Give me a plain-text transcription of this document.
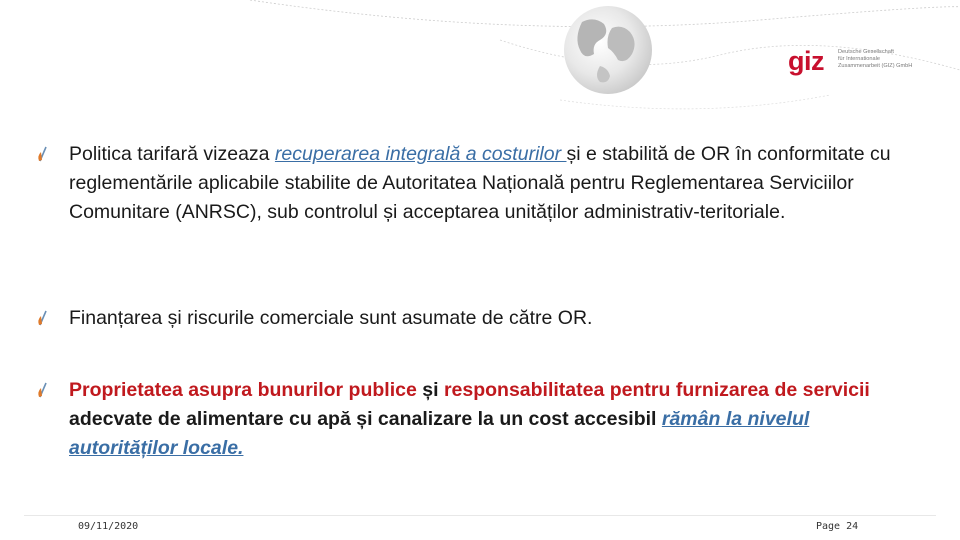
giz	Deutsche Gesellschaft
für Internationale
Zusammenarbeit (GIZ) GmbH
Politica tarifară vizeaza recuperarea integrală a costurilor și e stabilită de OR în conformitate cu reglementările aplicabile stabilite de Autoritatea Națională pentru Reglementarea Serviciilor Comunitare (ANRSC), sub controlul și acceptarea unităților administrativ-teritoriale.
Finanțarea și riscurile comerciale sunt asumate de către OR.
Proprietatea asupra bunurilor publice și responsabilitatea pentru furnizarea de servicii adecvate de alimentare cu apă și canalizare la un cost accesibil rămân la nivelul autorităților locale.
09/11/2020	Page 24
